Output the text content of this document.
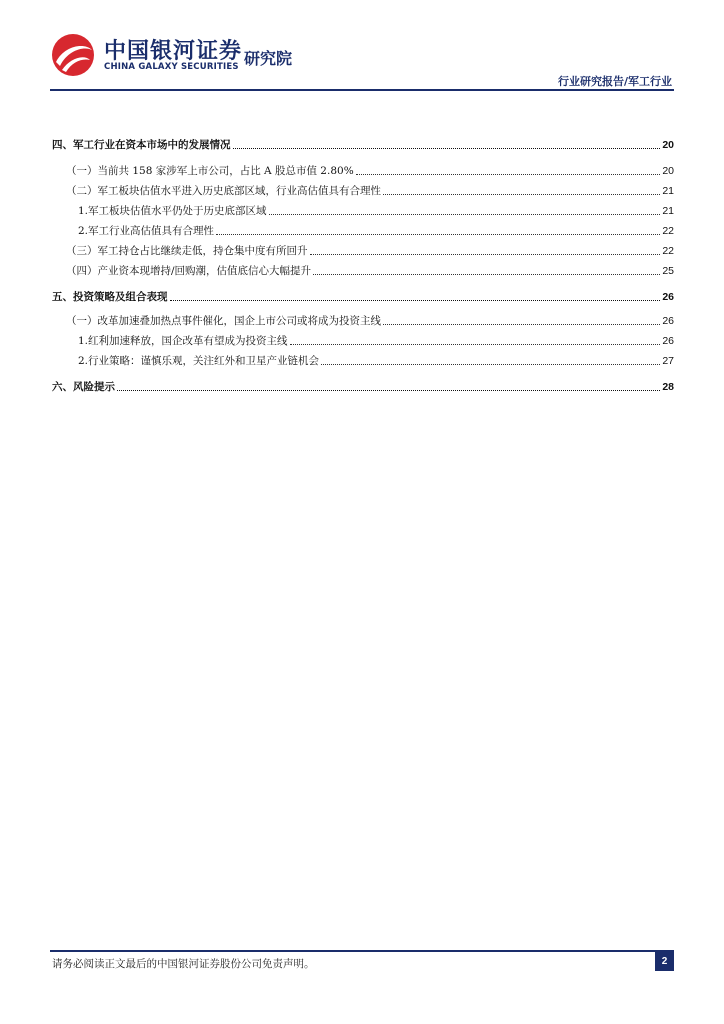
中国银河证券
CHINA GALAXY SECURITIES 研究院
行业研究报告/军工行业
四、军工行业在资本市场中的发展情况	20
（一）当前共 158 家涉军上市公司，占比 A 股总市值 2.80%	20
（二）军工板块估值水平进入历史底部区域，行业高估值具有合理性	21
1.军工板块估值水平仍处于历史底部区域	21
2.军工行业高估值具有合理性	22
（三）军工持仓占比继续走低，持仓集中度有所回升	22
（四）产业资本现增持/回购潮，估值底信心大幅提升	25
五、投资策略及组合表现	26
（一）改革加速叠加热点事件催化，国企上市公司或将成为投资主线	26
1.红利加速释放，国企改革有望成为投资主线	26
2.行业策略：谨慎乐观，关注红外和卫星产业链机会	27
六、风险提示	28
请务必阅读正文最后的中国银河证券股份公司免责声明。	2
